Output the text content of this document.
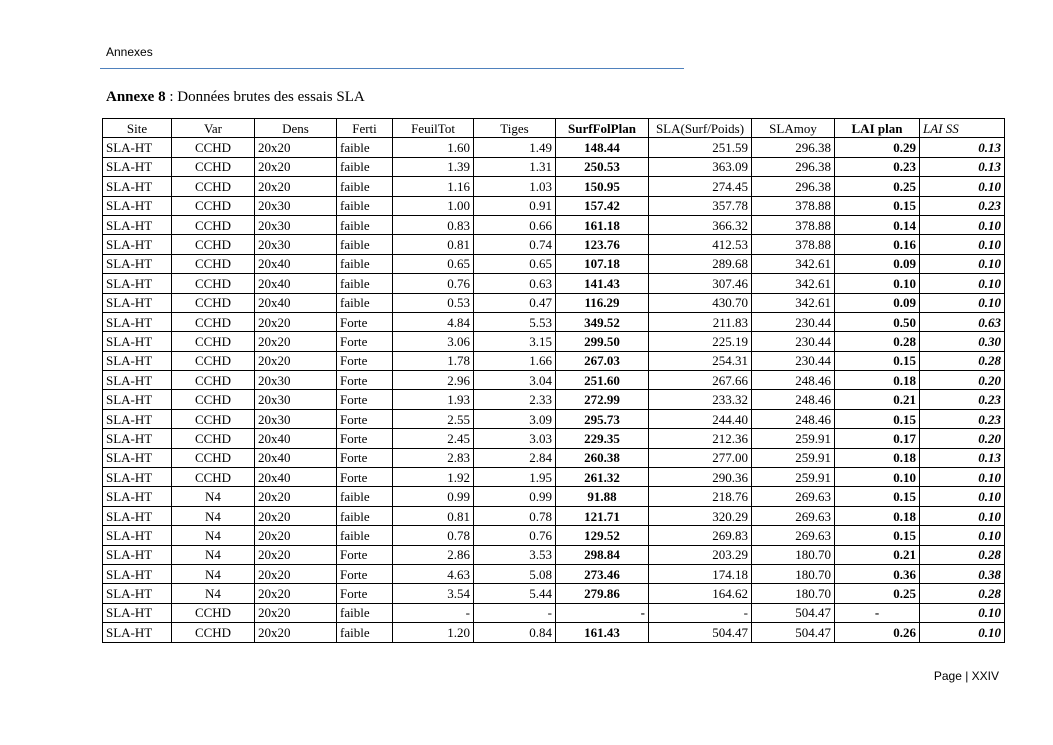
Annexes
Annexe 8 : Données brutes des essais SLA
Site	Var	Dens	Ferti	FeuilTot	Tiges	SurfFolPlan	SLA(Surf/Poids)	SLAmoy	LAI plan	LAI SS
SLA-HT	CCHD	20x20	faible	1.60	1.49	148.44	251.59	296.38	0.29	0.13
SLA-HT	CCHD	20x20	faible	1.39	1.31	250.53	363.09	296.38	0.23	0.13
SLA-HT	CCHD	20x20	faible	1.16	1.03	150.95	274.45	296.38	0.25	0.10
SLA-HT	CCHD	20x30	faible	1.00	0.91	157.42	357.78	378.88	0.15	0.23
SLA-HT	CCHD	20x30	faible	0.83	0.66	161.18	366.32	378.88	0.14	0.10
SLA-HT	CCHD	20x30	faible	0.81	0.74	123.76	412.53	378.88	0.16	0.10
SLA-HT	CCHD	20x40	faible	0.65	0.65	107.18	289.68	342.61	0.09	0.10
SLA-HT	CCHD	20x40	faible	0.76	0.63	141.43	307.46	342.61	0.10	0.10
SLA-HT	CCHD	20x40	faible	0.53	0.47	116.29	430.70	342.61	0.09	0.10
SLA-HT	CCHD	20x20	Forte	4.84	5.53	349.52	211.83	230.44	0.50	0.63
SLA-HT	CCHD	20x20	Forte	3.06	3.15	299.50	225.19	230.44	0.28	0.30
SLA-HT	CCHD	20x20	Forte	1.78	1.66	267.03	254.31	230.44	0.15	0.28
SLA-HT	CCHD	20x30	Forte	2.96	3.04	251.60	267.66	248.46	0.18	0.20
SLA-HT	CCHD	20x30	Forte	1.93	2.33	272.99	233.32	248.46	0.21	0.23
SLA-HT	CCHD	20x30	Forte	2.55	3.09	295.73	244.40	248.46	0.15	0.23
SLA-HT	CCHD	20x40	Forte	2.45	3.03	229.35	212.36	259.91	0.17	0.20
SLA-HT	CCHD	20x40	Forte	2.83	2.84	260.38	277.00	259.91	0.18	0.13
SLA-HT	CCHD	20x40	Forte	1.92	1.95	261.32	290.36	259.91	0.10	0.10
SLA-HT	N4	20x20	faible	0.99	0.99	91.88	218.76	269.63	0.15	0.10
SLA-HT	N4	20x20	faible	0.81	0.78	121.71	320.29	269.63	0.18	0.10
SLA-HT	N4	20x20	faible	0.78	0.76	129.52	269.83	269.63	0.15	0.10
SLA-HT	N4	20x20	Forte	2.86	3.53	298.84	203.29	180.70	0.21	0.28
SLA-HT	N4	20x20	Forte	4.63	5.08	273.46	174.18	180.70	0.36	0.38
SLA-HT	N4	20x20	Forte	3.54	5.44	279.86	164.62	180.70	0.25	0.28
SLA-HT	CCHD	20x20	faible	-	-	-	-	504.47	-	0.10
SLA-HT	CCHD	20x20	faible	1.20	0.84	161.43	504.47	504.47	0.26	0.10
Page | XXIV
